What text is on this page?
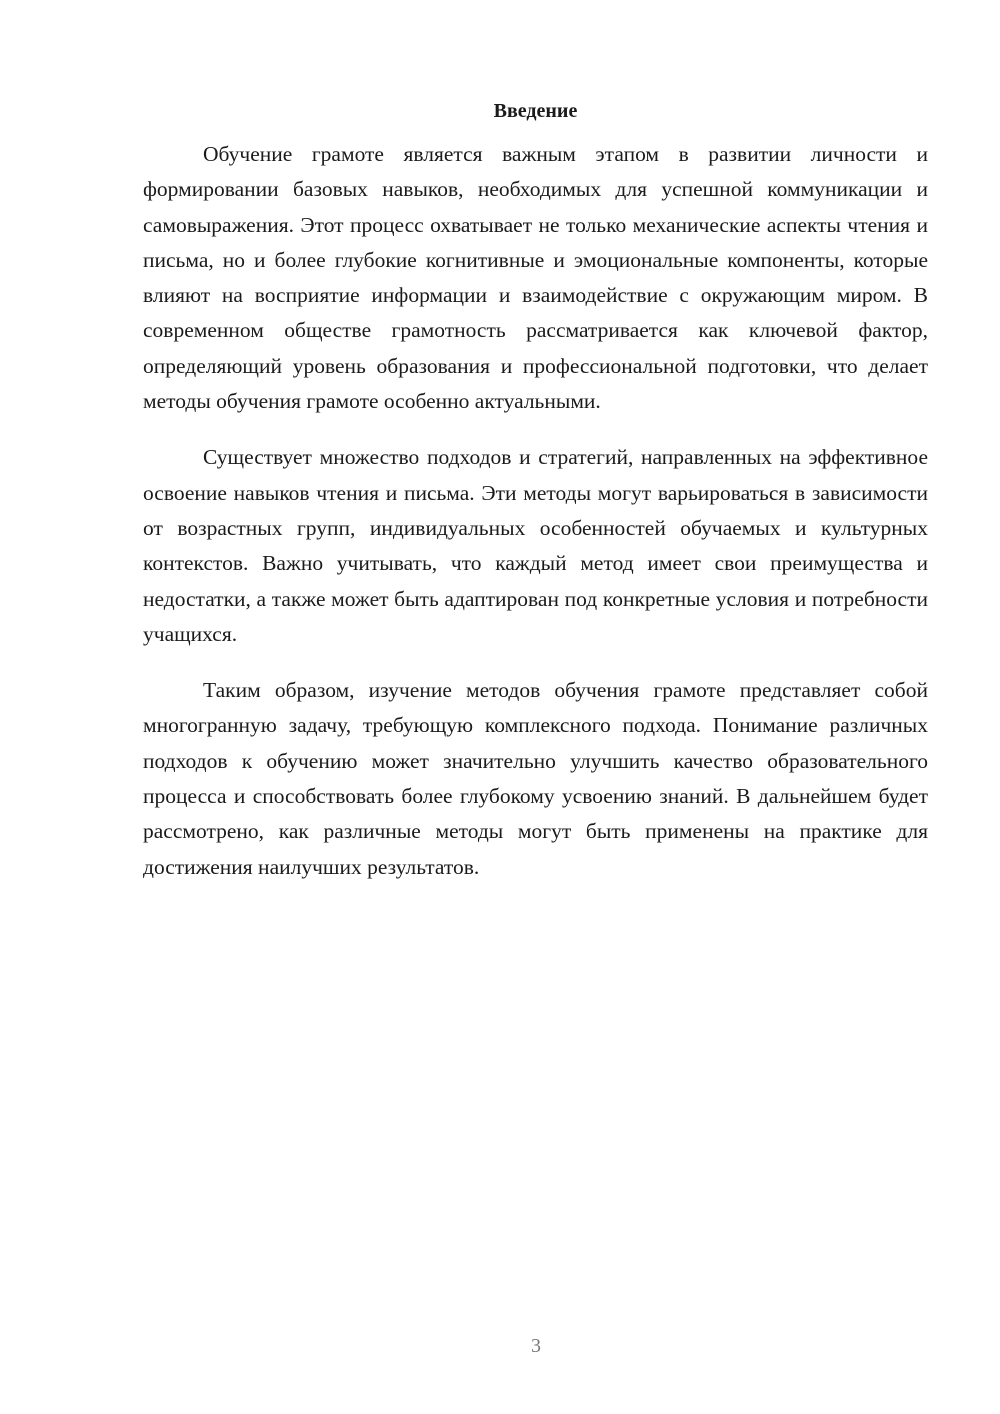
Введение

Обучение грамоте является важным этапом в развитии личности и формировании базовых навыков, необходимых для успешной коммуникации и самовыражения. Этот процесс охватывает не только механические аспекты чтения и письма, но и более глубокие когнитивные и эмоциональные компоненты, которые влияют на восприятие информации и взаимодействие с окружающим миром. В современном обществе грамотность рассматривается как ключевой фактор, определяющий уровень образования и профессиональной подготовки, что делает методы обучения грамоте особенно актуальными.

Существует множество подходов и стратегий, направленных на эффективное освоение навыков чтения и письма. Эти методы могут варьироваться в зависимости от возрастных групп, индивидуальных особенностей обучаемых и культурных контекстов. Важно учитывать, что каждый метод имеет свои преимущества и недостатки, а также может быть адаптирован под конкретные условия и потребности учащихся.

Таким образом, изучение методов обучения грамоте представляет собой многогранную задачу, требующую комплексного подхода. Понимание различных подходов к обучению может значительно улучшить качество образовательного процесса и способствовать более глубокому усвоению знаний. В дальнейшем будет рассмотрено, как различные методы могут быть применены на практике для достижения наилучших результатов.

3
